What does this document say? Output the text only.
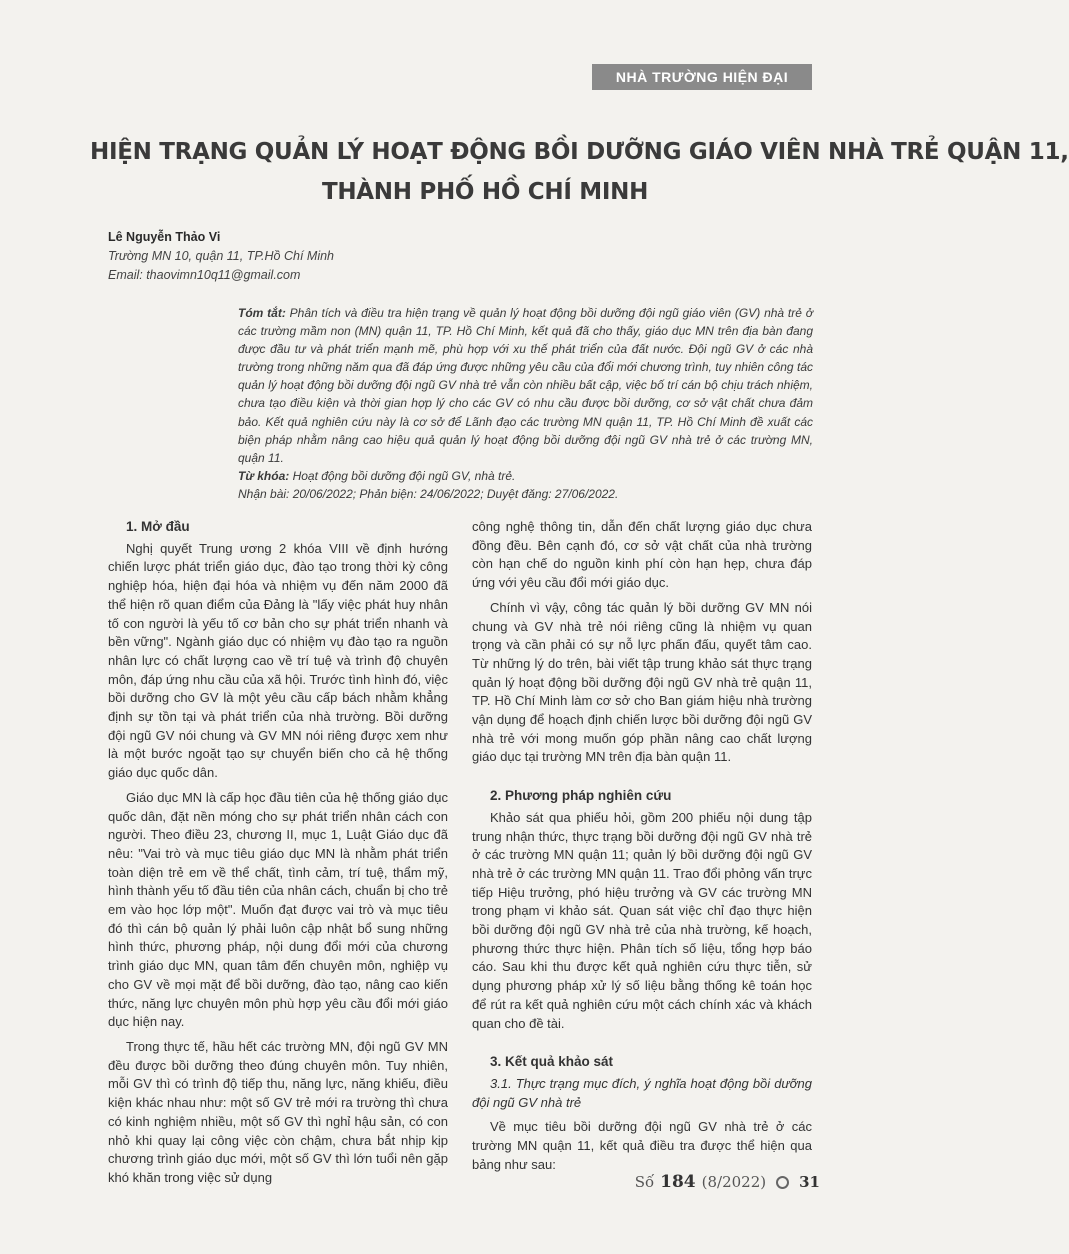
NHÀ TRƯỜNG HIỆN ĐẠI
HIỆN TRẠNG QUẢN LÝ HOẠT ĐỘNG BỒI DƯỠNG GIÁO VIÊN NHÀ TRẺ QUẬN 11,
THÀNH PHỐ HỒ CHÍ MINH
Lê Nguyễn Thảo Vi
Trường MN 10, quận 11, TP.Hồ Chí Minh
Email: thaovimn10q11@gmail.com

Tóm tắt: Phân tích và điều tra hiện trạng về quản lý hoạt động bồi dưỡng đội ngũ giáo viên (GV) nhà trẻ ở các trường mầm non (MN) quận 11, TP. Hồ Chí Minh, kết quả đã cho thấy, giáo dục MN trên địa bàn đang được đầu tư và phát triển mạnh mẽ, phù hợp với xu thế phát triển của đất nước. Đội ngũ GV ở các nhà trường trong những năm qua đã đáp ứng được những yêu cầu của đổi mới chương trình, tuy nhiên công tác quản lý hoạt động bồi dưỡng đội ngũ GV nhà trẻ vẫn còn nhiều bất cập, việc bố trí cán bộ chịu trách nhiệm, chưa tạo điều kiện và thời gian hợp lý cho các GV có nhu cầu được bồi dưỡng, cơ sở vật chất chưa đảm bảo. Kết quả nghiên cứu này là cơ sở để Lãnh đạo các trường MN quận 11, TP. Hồ Chí Minh đề xuất các biện pháp nhằm nâng cao hiệu quả quản lý hoạt động bồi dưỡng đội ngũ GV nhà trẻ ở các trường MN, quận 11.

Từ khóa: Hoạt động bồi dưỡng đội ngũ GV, nhà trẻ.

Nhận bài: 20/06/2022; Phản biện: 24/06/2022; Duyệt đăng: 27/06/2022.

1. Mở đầu

Nghị quyết Trung ương 2 khóa VIII về định hướng chiến lược phát triển giáo dục, đào tạo trong thời kỳ công nghiệp hóa, hiện đại hóa và nhiệm vụ đến năm 2000 đã thể hiện rõ quan điểm của Đảng là "lấy việc phát huy nhân tố con người là yếu tố cơ bản cho sự phát triển nhanh và bền vững". Ngành giáo dục có nhiệm vụ đào tạo ra nguồn nhân lực có chất lượng cao về trí tuệ và trình độ chuyên môn, đáp ứng nhu cầu của xã hội. Trước tình hình đó, việc bồi dưỡng cho GV là một yêu cầu cấp bách nhằm khẳng định sự tồn tại và phát triển của nhà trường. Bồi dưỡng đội ngũ GV nói chung và GV MN nói riêng được xem như là một bước ngoặt tạo sự chuyển biến cho cả hệ thống giáo dục quốc dân.

Giáo dục MN là cấp học đầu tiên của hệ thống giáo dục quốc dân, đặt nền móng cho sự phát triển nhân cách con người. Theo điều 23, chương II, mục 1, Luật Giáo dục đã nêu: "Vai trò và mục tiêu giáo dục MN là nhằm phát triển toàn diện trẻ em về thể chất, tình cảm, trí tuệ, thẩm mỹ, hình thành yếu tố đầu tiên của nhân cách, chuẩn bị cho trẻ em vào học lớp một". Muốn đạt được vai trò và mục tiêu đó thì cán bộ quản lý phải luôn cập nhật bổ sung những hình thức, phương pháp, nội dung đổi mới của chương trình giáo dục MN, quan tâm đến chuyên môn, nghiệp vụ cho GV về mọi mặt để bồi dưỡng, đào tạo, nâng cao kiến thức, năng lực chuyên môn phù hợp yêu cầu đổi mới giáo dục hiện nay.

Trong thực tế, hầu hết các trường MN, đội ngũ GV MN đều được bồi dưỡng theo đúng chuyên môn. Tuy nhiên, mỗi GV thì có trình độ tiếp thu, năng lực, năng khiếu, điều kiện khác nhau như: một số GV trẻ mới ra trường thì chưa có kinh nghiệm nhiều, một số GV thì nghỉ hậu sản, có con nhỏ khi quay lại công việc còn chậm, chưa bắt nhịp kịp chương trình giáo dục mới, một số GV thì lớn tuổi nên gặp khó khăn trong việc sử dụng

công nghệ thông tin, dẫn đến chất lượng giáo dục chưa đồng đều. Bên cạnh đó, cơ sở vật chất của nhà trường còn hạn chế do nguồn kinh phí còn hạn hẹp, chưa đáp ứng với yêu cầu đổi mới giáo dục.

Chính vì vậy, công tác quản lý bồi dưỡng GV MN nói chung và GV nhà trẻ nói riêng cũng là nhiệm vụ quan trọng và cần phải có sự nỗ lực phấn đấu, quyết tâm cao. Từ những lý do trên, bài viết tập trung khảo sát thực trạng quản lý hoạt động bồi dưỡng đội ngũ GV nhà trẻ quận 11, TP. Hồ Chí Minh làm cơ sở cho Ban giám hiệu nhà trường vận dụng để hoạch định chiến lược bồi dưỡng đội ngũ GV nhà trẻ với mong muốn góp phần nâng cao chất lượng giáo dục tại trường MN trên địa bàn quận 11.

2. Phương pháp nghiên cứu

Khảo sát qua phiếu hỏi, gồm 200 phiếu nội dung tập trung nhận thức, thực trạng bồi dưỡng đội ngũ GV nhà trẻ ở các trường MN quận 11; quản lý bồi dưỡng đội ngũ GV nhà trẻ ở các trường MN quận 11. Trao đổi phỏng vấn trực tiếp Hiệu trưởng, phó hiệu trưởng và GV các trường MN trong phạm vi khảo sát. Quan sát việc chỉ đạo thực hiện bồi dưỡng đội ngũ GV nhà trẻ của nhà trường, kế hoạch, phương thức thực hiện. Phân tích số liệu, tổng hợp báo cáo. Sau khi thu được kết quả nghiên cứu thực tiễn, sử dụng phương pháp xử lý số liệu bằng thống kê toán học để rút ra kết quả nghiên cứu một cách chính xác và khách quan cho đề tài.

3. Kết quả khảo sát

3.1. Thực trạng mục đích, ý nghĩa hoạt động bồi dưỡng đội ngũ GV nhà trẻ

Về mục tiêu bồi dưỡng đội ngũ GV nhà trẻ ở các trường MN quận 11, kết quả điều tra được thể hiện qua bảng như sau:

Số 184 (8/2022) 31
